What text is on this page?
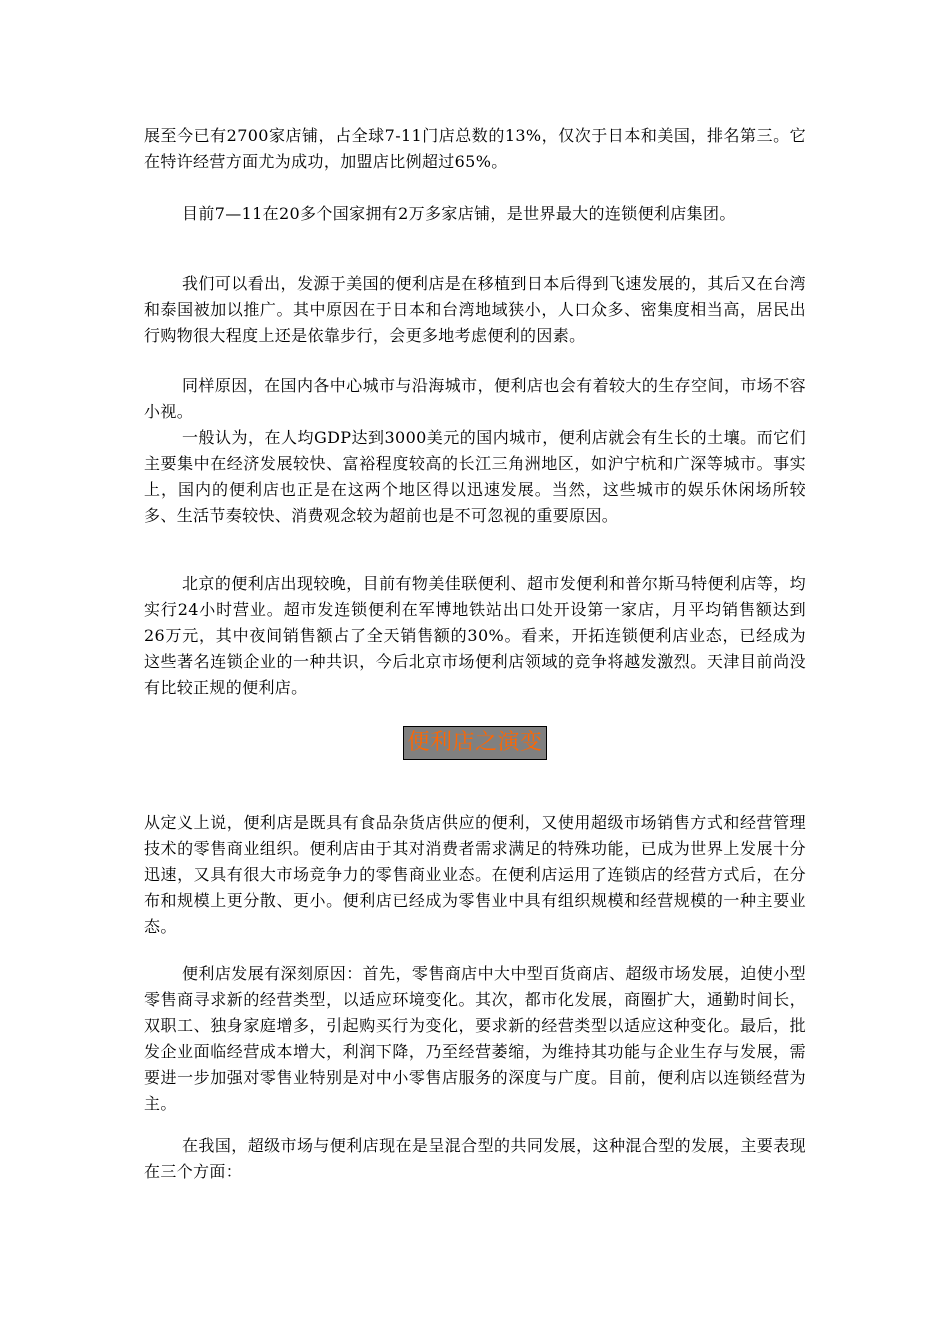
展至今已有2700家店铺，占全球7-11门店总数的13%，仅次于日本和美国，排名第三。它在特许经营方面尤为成功，加盟店比例超过65%。

目前7—11在20多个国家拥有2万多家店铺，是世界最大的连锁便利店集团。

我们可以看出，发源于美国的便利店是在移植到日本后得到飞速发展的，其后又在台湾和泰国被加以推广。其中原因在于日本和台湾地域狭小，人口众多、密集度相当高，居民出行购物很大程度上还是依靠步行，会更多地考虑便利的因素。

同样原因，在国内各中心城市与沿海城市，便利店也会有着较大的生存空间，市场不容小视。

一般认为，在人均GDP达到3000美元的国内城市，便利店就会有生长的土壤。而它们主要集中在经济发展较快、富裕程度较高的长江三角洲地区，如沪宁杭和广深等城市。事实上，国内的便利店也正是在这两个地区得以迅速发展。当然，这些城市的娱乐休闲场所较多、生活节奏较快、消费观念较为超前也是不可忽视的重要原因。

北京的便利店出现较晚，目前有物美佳联便利、超市发便利和普尔斯马特便利店等，均实行24小时营业。超市发连锁便利在军博地铁站出口处开设第一家店，月平均销售额达到26万元，其中夜间销售额占了全天销售额的30%。看来，开拓连锁便利店业态，已经成为这些著名连锁企业的一种共识，今后北京市场便利店领域的竞争将越发激烈。天津目前尚没有比较正规的便利店。

便利店之演变

从定义上说，便利店是既具有食品杂货店供应的便利，又使用超级市场销售方式和经营管理技术的零售商业组织。便利店由于其对消费者需求满足的特殊功能，已成为世界上发展十分迅速，又具有很大市场竞争力的零售商业业态。在便利店运用了连锁店的经营方式后，在分布和规模上更分散、更小。便利店已经成为零售业中具有组织规模和经营规模的一种主要业态。

便利店发展有深刻原因：首先，零售商店中大中型百货商店、超级市场发展，迫使小型零售商寻求新的经营类型，以适应环境变化。其次，都市化发展，商圈扩大，通勤时间长，双职工、独身家庭增多，引起购买行为变化，要求新的经营类型以适应这种变化。最后，批发企业面临经营成本增大，利润下降，乃至经营萎缩，为维持其功能与企业生存与发展，需要进一步加强对零售业特别是对中小零售店服务的深度与广度。目前，便利店以连锁经营为主。

在我国，超级市场与便利店现在是呈混合型的共同发展，这种混合型的发展，主要表现在三个方面：
